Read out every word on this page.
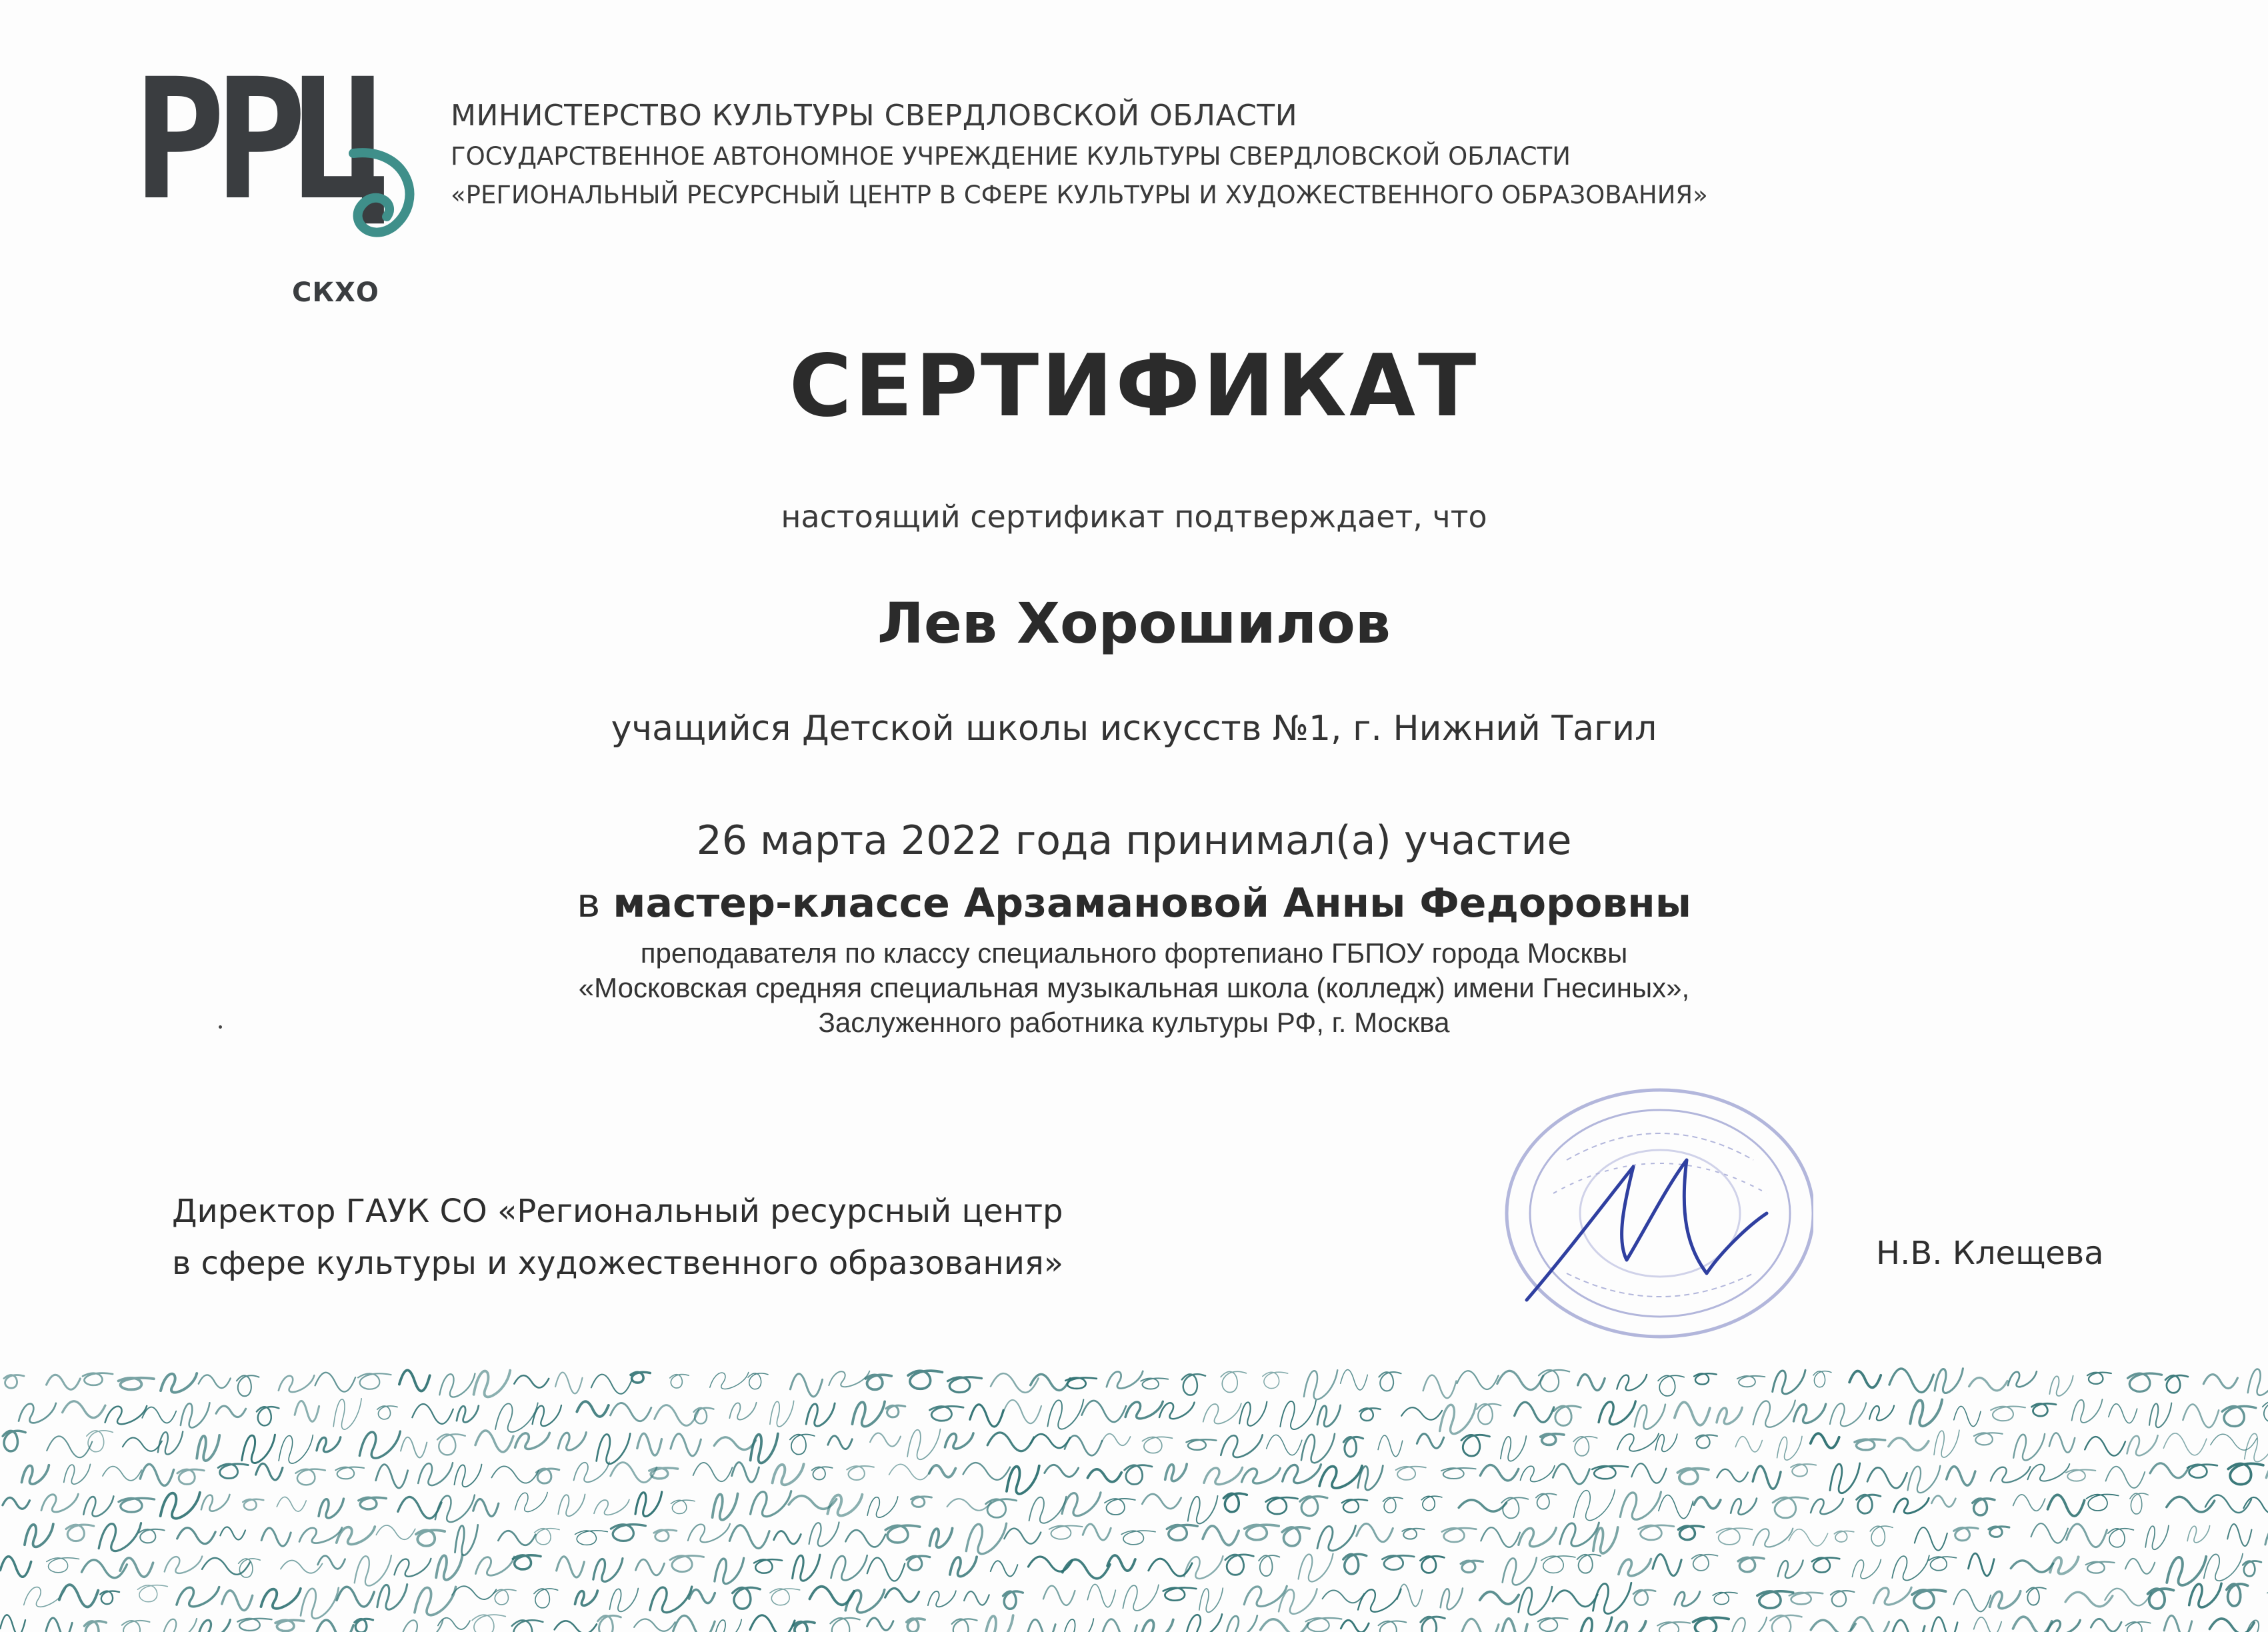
РРЦ
СКХО
МИНИСТЕРСТВО КУЛЬТУРЫ СВЕРДЛОВСКОЙ ОБЛАСТИ
ГОСУДАРСТВЕННОЕ АВТОНОМНОЕ УЧРЕЖДЕНИЕ КУЛЬТУРЫ СВЕРДЛОВСКОЙ ОБЛАСТИ
«РЕГИОНАЛЬНЫЙ РЕСУРСНЫЙ ЦЕНТР В СФЕРЕ КУЛЬТУРЫ И ХУДОЖЕСТВЕННОГО ОБРАЗОВАНИЯ»
СЕРТИФИКАТ
настоящий сертификат подтверждает, что
Лев Хорошилов
учащийся Детской школы искусств №1, г. Нижний Тагил
26 марта 2022 года принимал(а) участие
в мастер-классе Арзамановой Анны Федоровны
преподавателя по классу специального фортепиано ГБПОУ города Москвы
«Московская средняя специальная музыкальная школа (колледж) имени Гнесиных»,
Заслуженного работника культуры РФ, г. Москва
Директор ГАУК СО «Региональный ресурсный центр
в сфере культуры и художественного образования»	Н.В. Клещева
